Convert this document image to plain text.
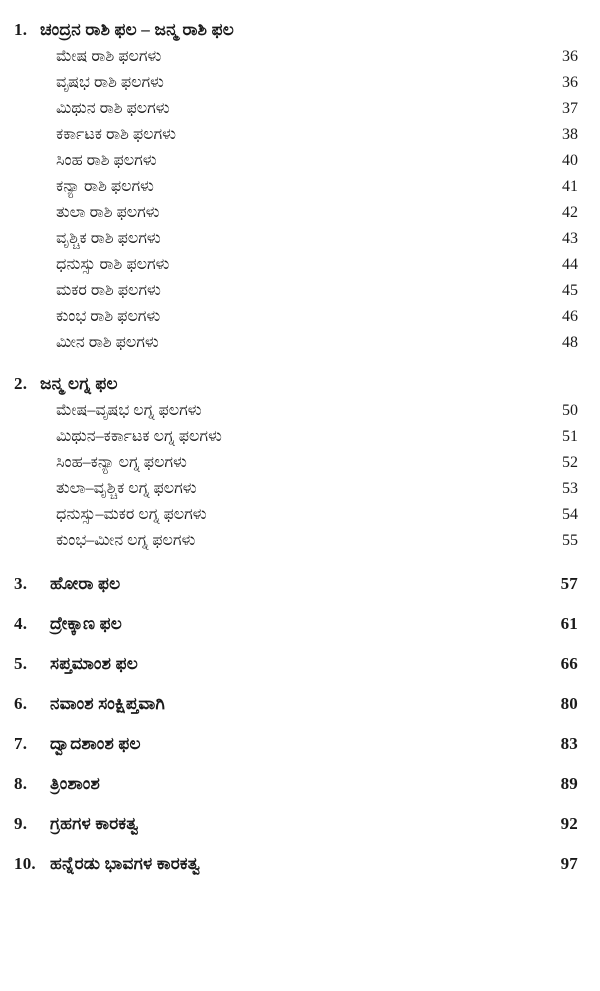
1. ಚಂದ್ರನ ರಾಶಿ ಫಲ – ಜನ್ಮ ರಾಶಿ ಫಲ
ಮೇಷ ರಾಶಿ ಫಲಗಳು	36
ವೃಷಭ ರಾಶಿ ಫಲಗಳು	36
ಮಿಥುನ ರಾಶಿ ಫಲಗಳು	37
ಕರ್ಕಾಟಕ ರಾಶಿ ಫಲಗಳು	38
ಸಿಂಹ ರಾಶಿ ಫಲಗಳು	40
ಕನ್ಯಾ ರಾಶಿ ಫಲಗಳು	41
ತುಲಾ ರಾಶಿ ಫಲಗಳು	42
ವೃಶ್ಚಿಕ ರಾಶಿ ಫಲಗಳು	43
ಧನುಸ್ಸು ರಾಶಿ ಫಲಗಳು	44
ಮಕರ ರಾಶಿ ಫಲಗಳು	45
ಕುಂಭ ರಾಶಿ ಫಲಗಳು	46
ಮೀನ ರಾಶಿ ಫಲಗಳು	48
2. ಜನ್ಮ ಲಗ್ನ ಫಲ
ಮೇಷ–ವೃಷಭ ಲಗ್ನ ಫಲಗಳು	50
ಮಿಥುನ–ಕರ್ಕಾಟಕ ಲಗ್ನ ಫಲಗಳು	51
ಸಿಂಹ–ಕನ್ಯಾ ಲಗ್ನ ಫಲಗಳು	52
ತುಲಾ–ವೃಶ್ಚಿಕ ಲಗ್ನ ಫಲಗಳು	53
ಧನುಸ್ಸು–ಮಕರ ಲಗ್ನ ಫಲಗಳು	54
ಕುಂಭ–ಮೀನ ಲಗ್ನ ಫಲಗಳು	55
3.	ಹೋರಾ ಫಲ	57
4.	ದ್ರೇಕ್ಕಾಣ ಫಲ	61
5.	ಸಪ್ತಮಾಂಶ ಫಲ	66
6.	ನವಾಂಶ ಸಂಕ್ಷಿಪ್ತವಾಗಿ	80
7.	ದ್ವಾದಶಾಂಶ ಫಲ	83
8.	ತ್ರಿಂಶಾಂಶ	89
9.	ಗ್ರಹಗಳ ಕಾರಕತ್ವ	92
10. ಹನ್ನೆರಡು ಭಾವಗಳ ಕಾರಕತ್ವ	97
